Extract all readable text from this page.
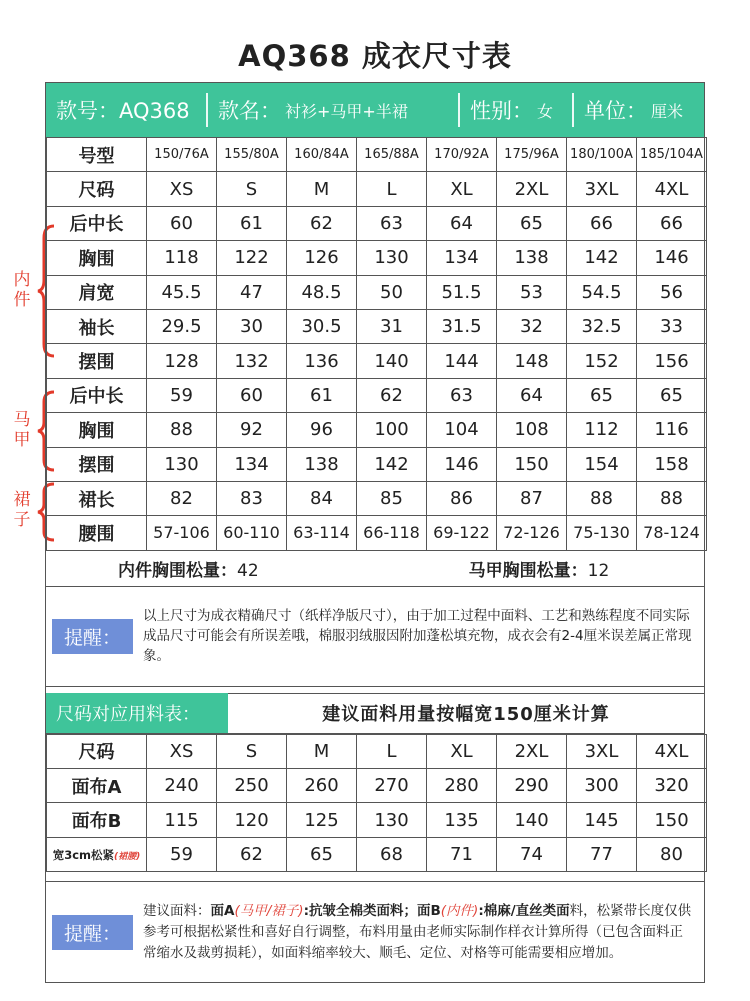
AQ368 成衣尺寸表
内
件
马
甲
裙
子
款号：AQ368 款名： 衬衫+马甲+半裙	性别： 女 单位： 厘米
号型	150/76A	155/80A	160/84A	165/88A	170/92A	175/96A	180/100A	185/104A
尺码	XS	S	M	L	XL	2XL	3XL	4XL
后中长	60	61	62	63	64	65	66	66
胸围	118	122	126	130	134	138	142	146
肩宽	45.5	47	48.5	50	51.5	53	54.5	56
袖长	29.5	30	30.5	31	31.5	32	32.5	33
摆围	128	132	136	140	144	148	152	156
后中长	59	60	61	62	63	64	65	65
胸围	88	92	96	100	104	108	112	116
摆围	130	134	138	142	146	150	154	158
裙长	82	83	84	85	86	87	88	88
腰围	57-106	60-110	63-114	66-118	69-122	72-126	75-130	78-124
内件胸围松量：42	马甲胸围松量：12
提醒：
以上尺寸为成衣精确尺寸（纸样净版尺寸），由于加工过程中面料、工艺和熟练程度不同实际成品尺寸可能会有所误差哦，棉服羽绒服因附加蓬松填充物，成衣会有2-4厘米误差属正常现象。
尺码对应用料表：	建议面料用量按幅宽150厘米计算
尺码	XS	S	M	L	XL	2XL	3XL	4XL
面布A	240	250	260	270	280	290	300	320
面布B	115	120	125	130	135	140	145	150
宽3cm松紧(裙腰)	59	62	65	68	71	74	77	80
提醒：
建议面料：面A(马甲/裙子):抗皱全棉类面料；面B(内件):棉麻/直丝类面料，松紧带长度仅供参考可根据松紧性和喜好自行调整，布料用量由老师实际制作样衣计算所得（已包含面料正常缩水及裁剪损耗），如面料缩率较大、顺毛、定位、对格等可能需要相应增加。
